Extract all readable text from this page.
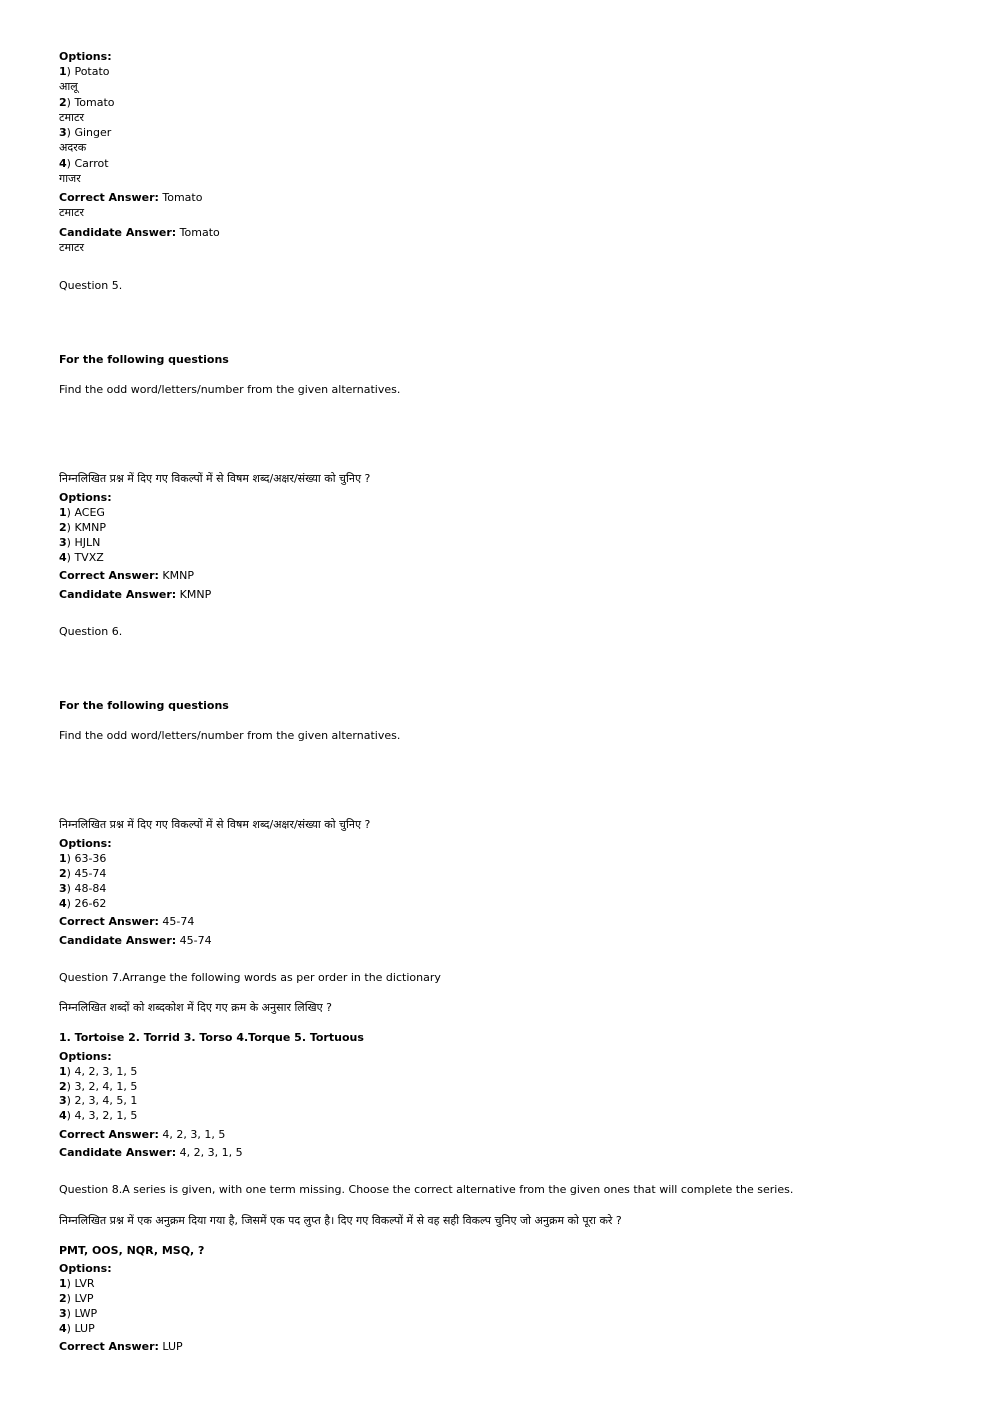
Options:
1) Potato
आलू
2) Tomato
टमाटर
3) Ginger
अदरक
4) Carrot
गाजर
Correct Answer: Tomato
टमाटर
Candidate Answer: Tomato
टमाटर
Question 5.
For the following questions
Find the odd word/letters/number from the given alternatives.
निम्नलिखित प्रश्न में दिए गए विकल्पों में से विषम शब्द/अक्षर/संख्या को चुनिए ?
Options:
1) ACEG
2) KMNP
3) HJLN
4) TVXZ
Correct Answer: KMNP
Candidate Answer: KMNP
Question 6.
For the following questions
Find the odd word/letters/number from the given alternatives.
निम्नलिखित प्रश्न में दिए गए विकल्पों में से विषम शब्द/अक्षर/संख्या को चुनिए ?
Options:
1) 63-36
2) 45-74
3) 48-84
4) 26-62
Correct Answer: 45-74
Candidate Answer: 45-74
Question 7.Arrange the following words as per order in the dictionary
निम्नलिखित शब्दों को शब्दकोश में दिए गए क्रम के अनुसार लिखिए ?
1. Tortoise 2. Torrid 3. Torso 4.Torque 5. Tortuous
Options:
1) 4, 2, 3, 1, 5
2) 3, 2, 4, 1, 5
3) 2, 3, 4, 5, 1
4) 4, 3, 2, 1, 5
Correct Answer: 4, 2, 3, 1, 5
Candidate Answer: 4, 2, 3, 1, 5
Question 8.A series is given, with one term missing. Choose the correct alternative from the given ones that will complete the series.
निम्नलिखित प्रश्न में एक अनुक्रम दिया गया है, जिसमें एक पद लुप्त है। दिए गए विकल्पों में से वह सही विकल्प चुनिए जो अनुक्रम को पूरा करे ?
PMT, OOS, NQR, MSQ, ?
Options:
1) LVR
2) LVP
3) LWP
4) LUP
Correct Answer: LUP
